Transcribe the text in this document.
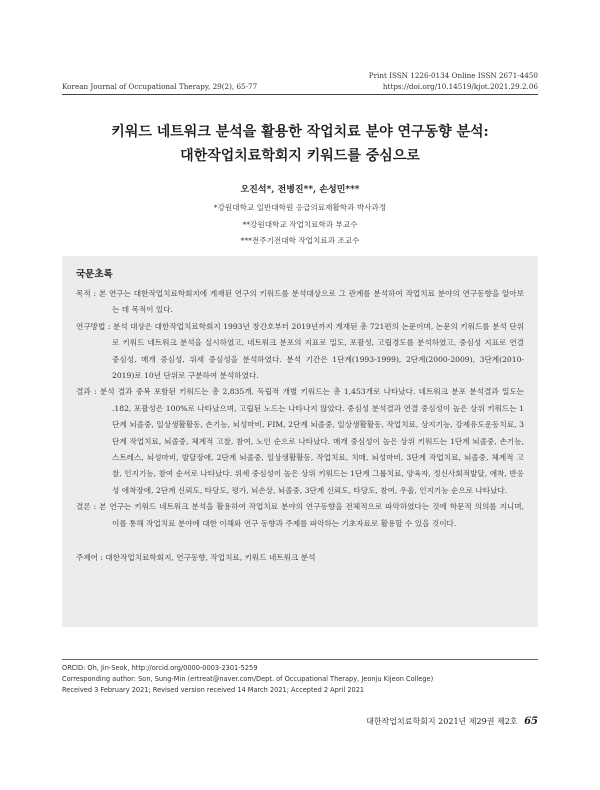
Print ISSN 1226-0134 Online ISSN 2671-4450
https://doi.org/10.14519/kjot.2021.29.2.06
Korean Journal of Occupational Therapy, 29(2), 65-77
키워드 네트워크 분석을 활용한 작업치료 분야 연구동향 분석:
대한작업치료학회지 키워드를 중심으로
오진석*, 전병진**, 손성민***
*강원대학교 일반대학원 응급의료재활학과 박사과정
**강원대학교 작업치료학과 부교수
***전주기전대학 작업치료과 조교수
국문초록
목적 : 본 연구는 대한작업치료학회지에 게재된 연구의 키워드를 분석대상으로 그 관계를 분석하여 작업치료 분야의 연구동향을 알아보는 데 목적이 있다.
연구방법 : 분석 대상은 대한작업치료학회지 1993년 창간호부터 2019년까지 게재된 총 721편의 논문이며, 논문의 키워드를 분석 단위로 키워드 네트워크 분석을 실시하였고, 네트워크 분포의 지표로 밀도, 포괄성, 고립경도를 분석하였고, 중심성 지표로 연결 중심성, 매개 중심성, 위세 중심성을 분석하였다. 분석 기간은 1단계(1993-1999), 2단계(2000-2009), 3단계(2010-2019)로 10년 단위로 구분하여 분석하였다.
결과 : 분석 결과 중복 포함된 키워드는 총 2,835개, 독립적 개별 키워드는 총 1,453개로 나타났다. 네트워크 분포 분석결과 밀도는 .182, 포괄성은 100%로 나타났으며, 고립된 노드는 나타나지 않았다. 중심성 분석결과 연결 중심성이 높은 상위 키워드는 1단계 뇌졸중, 일상생활활동, 손기능, 뇌성마비, FIM, 2단계 뇌졸중, 일상생활활동, 작업치료, 상지기능, 강제유도운동치료, 3단계 작업치료, 뇌졸중, 체계적 고찰, 참여, 노인 순으로 나타났다. 매개 중심성이 높은 상위 키워드는 1단계 뇌졸중, 손기능, 스트레스, 뇌성마비, 발달장애, 2단계 뇌졸중, 일상생활활동, 작업치료, 치매, 뇌성마비, 3단계 작업치료, 뇌졸중, 체계적 고찰, 인지기능, 참여 순서로 나타났다. 위세 중심성이 높은 상위 키워드는 1단계 그룹치료, 양육자, 정신사회적발달, 애착, 반응성 애착장애, 2단계 신뢰도, 타당도, 평가, 뇌손상, 뇌졸중, 3단계 신뢰도, 타당도, 참여, 우울, 인지기능 순으로 나타났다.
결론 : 본 연구는 키워드 네트워크 분석을 활용하여 작업치료 분야의 연구동향을 전체적으로 파악하였다는 것에 학문적 의의를 지니며, 이를 통해 작업치료 분야에 대한 이해와 연구 동향과 주제를 파악하는 기초자료로 활용할 수 있을 것이다.
주제어 : 대한작업치료학회지, 연구동향, 작업치료, 키워드 네트워크 분석
ORCID: Oh, Jin-Seok, http://orcid.org/0000-0003-2301-5259
Corresponding author: Son, Sung-Min (ertreat@naver.com/Dept. of Occupational Therapy, Jeonju Kijeon College)
Received 3 February 2021; Revised version received 14 March 2021; Accepted 2 April 2021
대한작업치료학회지 2021년 제29권 제2호 65
